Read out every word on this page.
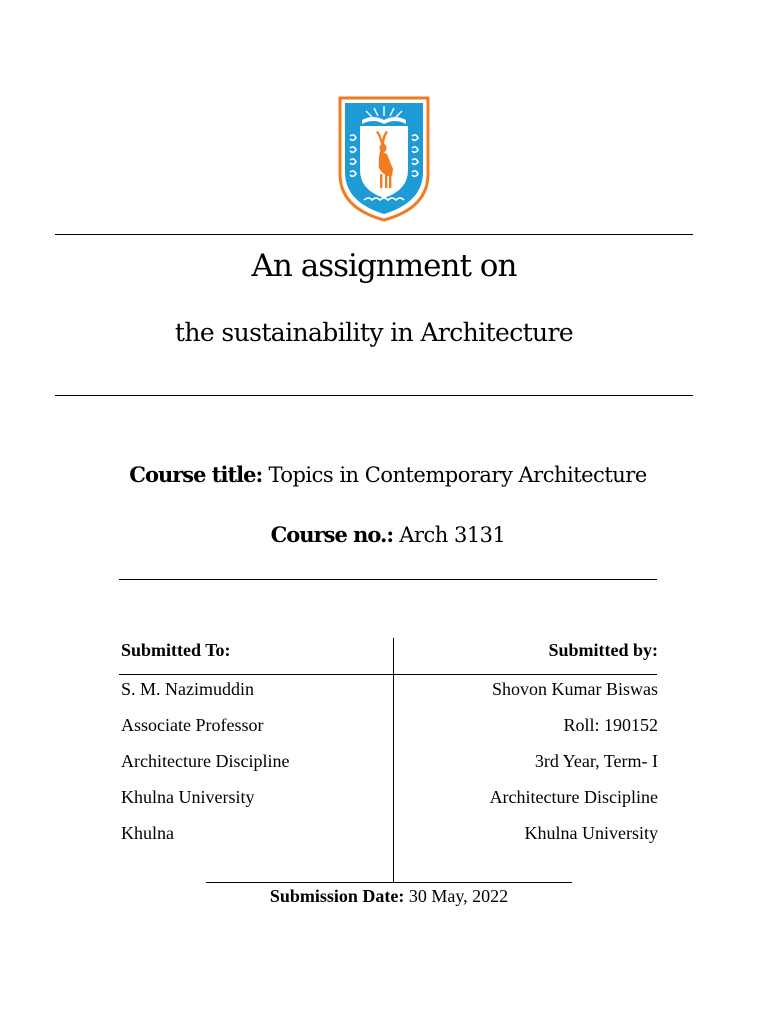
An assignment on
the sustainability in Architecture
Course title: Topics in Contemporary Architecture
Course no.: Arch 3131
Submitted To:	Submitted by:
S. M. Nazimuddin
Associate Professor
Architecture Discipline
Khulna University
Khulna
Shovon Kumar Biswas
Roll: 190152
3rd Year, Term- I
Architecture Discipline
Khulna University
Submission Date: 30 May, 2022
